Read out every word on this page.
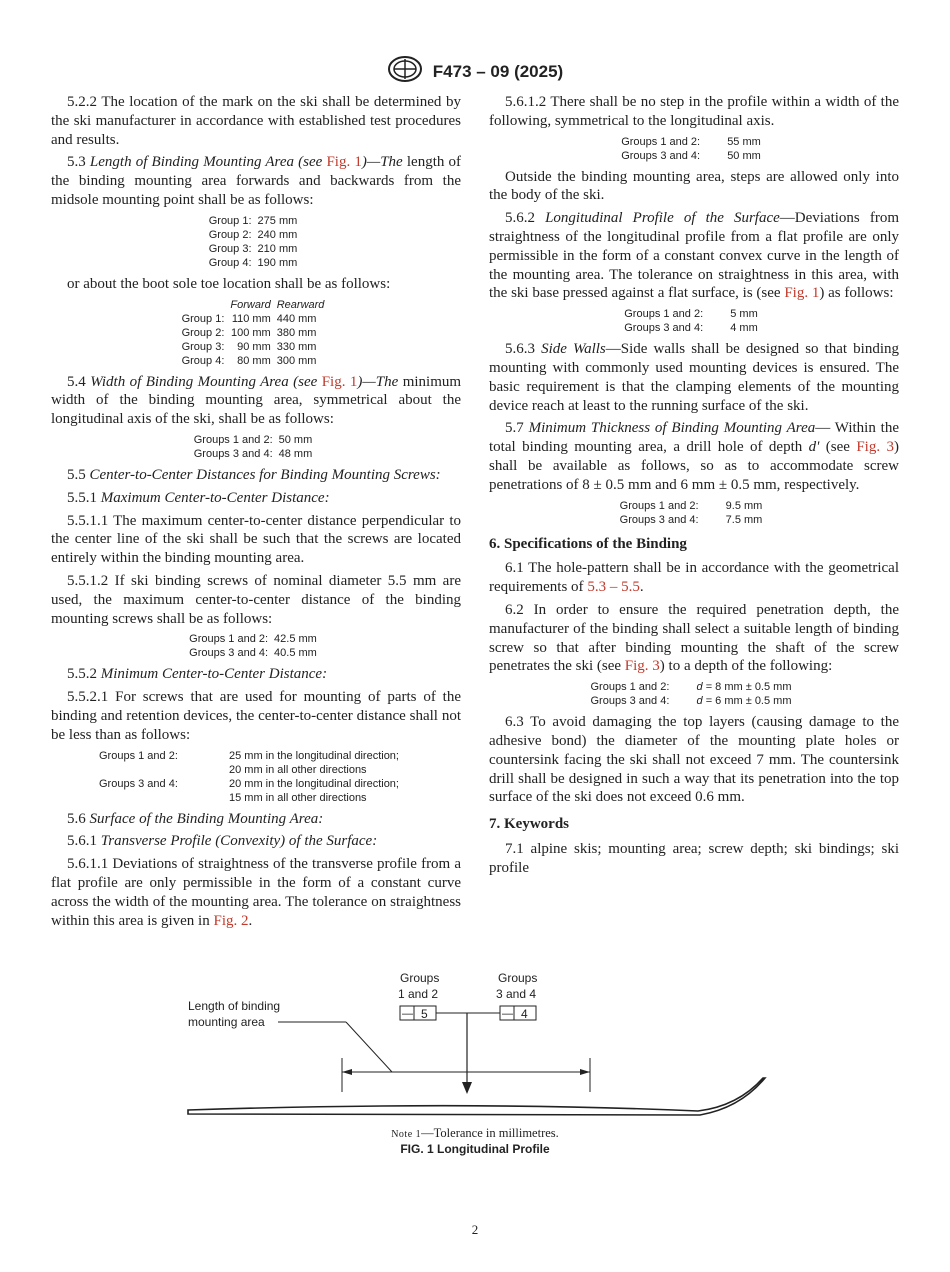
F473 – 09 (2025)

5.2.2 The location of the mark on the ski shall be determined by the ski manufacturer in accordance with established test procedures and results.

5.3 Length of Binding Mounting Area (see Fig. 1)—The length of the binding mounting area forwards and backwards from the midsole mounting point shall be as follows:

Group 1:	275 mm
Group 2:	240 mm
Group 3:	210 mm
Group 4:	190 mm

or about the boot sole toe location shall be as follows:

	Forward	Rearward
Group 1:	110 mm	440 mm
Group 2:	100 mm	380 mm
Group 3:	90 mm	330 mm
Group 4:	80 mm	300 mm

5.4 Width of Binding Mounting Area (see Fig. 1)—The minimum width of the binding mounting area, symmetrical about the longitudinal axis of the ski, shall be as follows:

Groups 1 and 2:	50 mm
Groups 3 and 4:	48 mm

5.5 Center-to-Center Distances for Binding Mounting Screws:

5.5.1 Maximum Center-to-Center Distance:

5.5.1.1 The maximum center-to-center distance perpendicular to the center line of the ski shall be such that the screws are located entirely within the binding mounting area.

5.5.1.2 If ski binding screws of nominal diameter 5.5 mm are used, the maximum center-to-center distance of the binding mounting screws shall be as follows:

Groups 1 and 2:	42.5 mm
Groups 3 and 4:	40.5 mm

5.5.2 Minimum Center-to-Center Distance:

5.5.2.1 For screws that are used for mounting of parts of the binding and retention devices, the center-to-center distance shall not be less than as follows:

Groups 1 and 2:	25 mm in the longitudinal direction;
	20 mm in all other directions
Groups 3 and 4:	20 mm in the longitudinal direction;
	15 mm in all other directions

5.6 Surface of the Binding Mounting Area:

5.6.1 Transverse Profile (Convexity) of the Surface:

5.6.1.1 Deviations of straightness of the transverse profile from a flat profile are only permissible in the form of a constant curve across the width of the mounting area. The tolerance on straightness within this area is given in Fig. 2.

5.6.1.2 There shall be no step in the profile within a width of the following, symmetrical to the longitudinal axis.

Groups 1 and 2:	55 mm
Groups 3 and 4:	50 mm

Outside the binding mounting area, steps are allowed only into the body of the ski.

5.6.2 Longitudinal Profile of the Surface—Deviations from straightness of the longitudinal profile from a flat profile are only permissible in the form of a constant convex curve in the length of the mounting area. The tolerance on straightness in this area, with the ski base pressed against a flat surface, is (see Fig. 1) as follows:

Groups 1 and 2:	5 mm
Groups 3 and 4:	4 mm

5.6.3 Side Walls—Side walls shall be designed so that binding mounting with commonly used mounting devices is ensured. The basic requirement is that the clamping elements of the mounting device reach at least to the running surface of the ski.

5.7 Minimum Thickness of Binding Mounting Area— Within the total binding mounting area, a drill hole of depth d' (see Fig. 3) shall be available as follows, so as to accommodate screw penetrations of 8 ± 0.5 mm and 6 mm ± 0.5 mm, respectively.

Groups 1 and 2:	9.5 mm
Groups 3 and 4:	7.5 mm
6. Specifications of the Binding

6.1 The hole-pattern shall be in accordance with the geometrical requirements of 5.3 – 5.5.

6.2 In order to ensure the required penetration depth, the manufacturer of the binding shall select a suitable length of binding screw so that after binding mounting the shaft of the screw penetrates the ski (see Fig. 3) to a depth of the following:

Groups 1 and 2:	d = 8 mm ± 0.5 mm
Groups 3 and 4:	d = 6 mm ± 0.5 mm

6.3 To avoid damaging the top layers (causing damage to the adhesive bond) the diameter of the mounting plate holes or countersink facing the ski shall not exceed 7 mm. The countersink drill shall be designed in such a way that its penetration into the top surface of the ski does not exceed 0.6 mm.

7. Keywords

7.1 alpine skis; mounting area; screw depth; ski bindings; ski profile

Length of binding
mounting area
Groups
1 and 2
Groups
3 and 4
— 5	— 4
Note 1—Tolerance in millimetres.
FIG. 1 Longitudinal Profile
2
